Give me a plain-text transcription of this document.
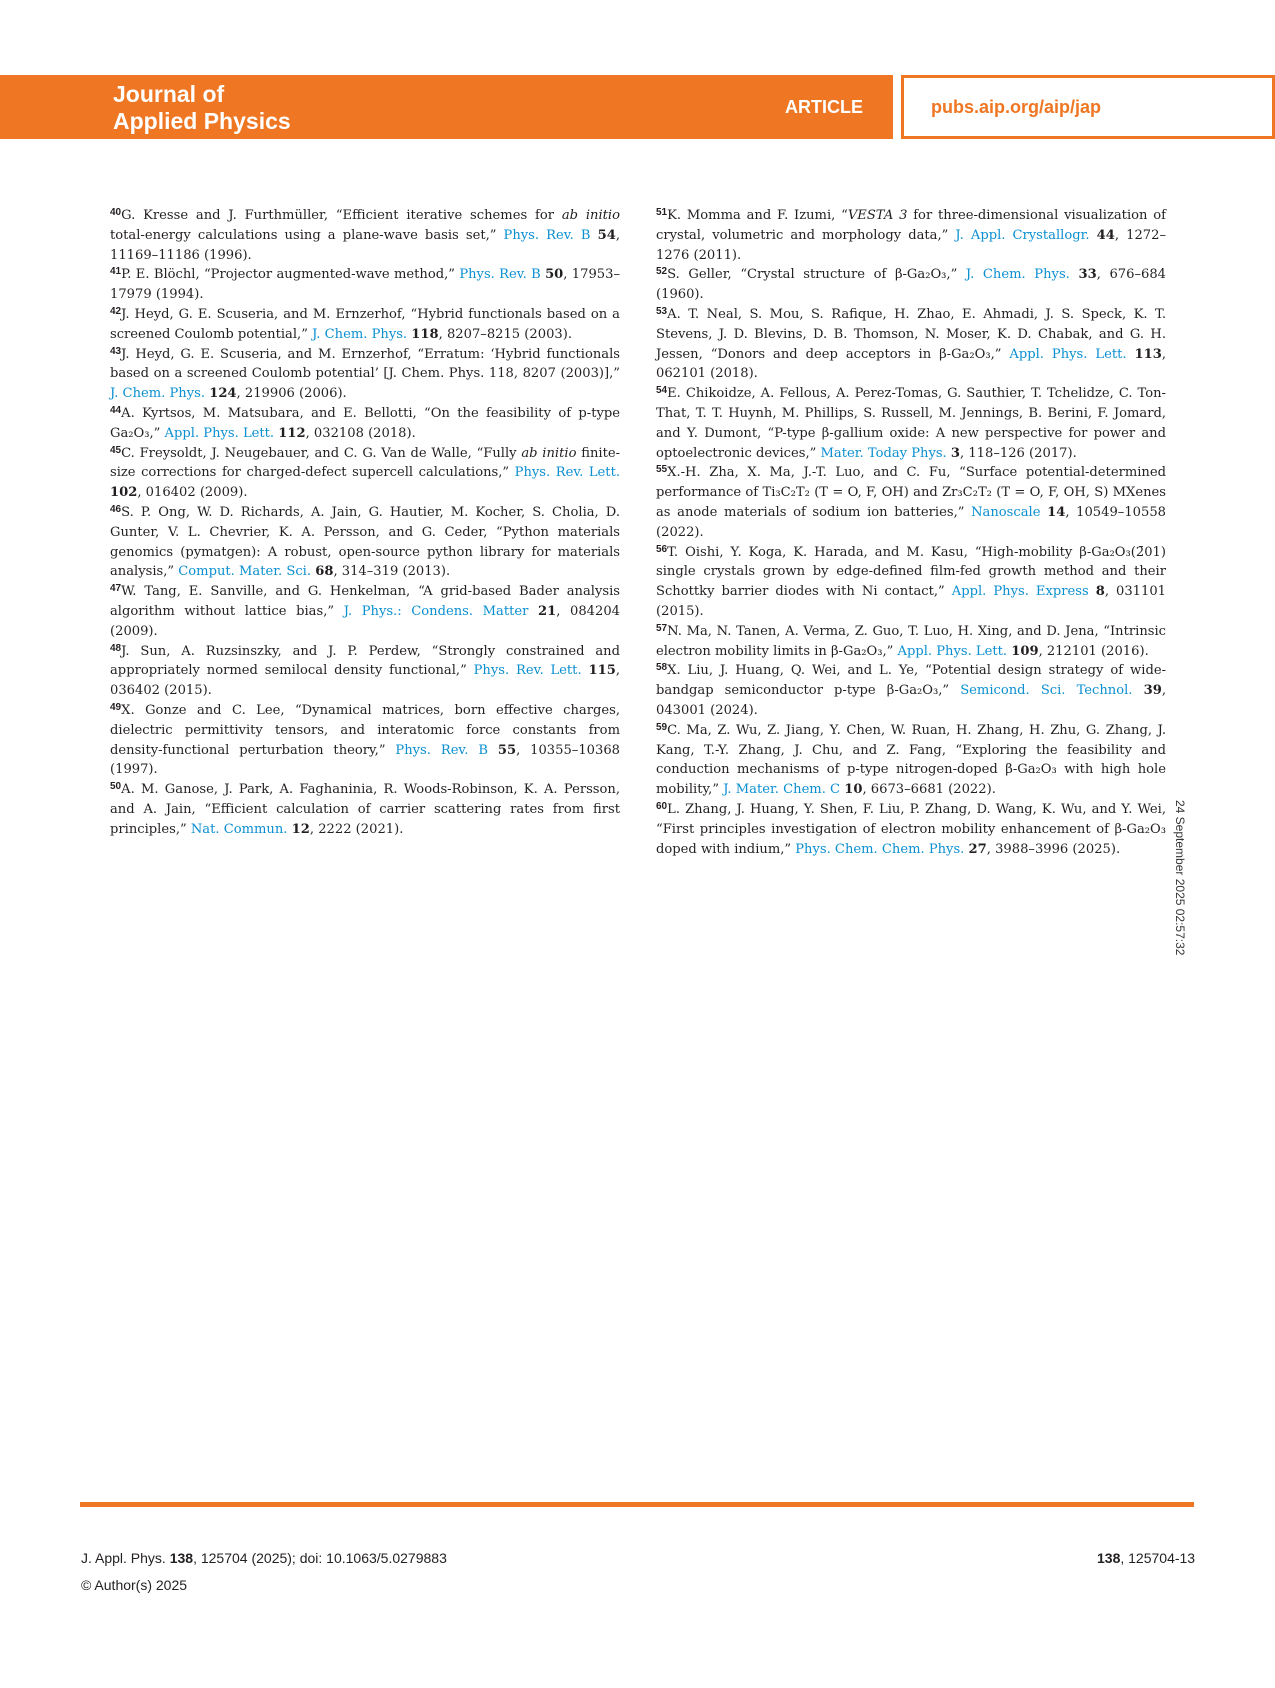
Journal of
Applied Physics
ARTICLE	pubs.aip.org/aip/jap

$^{40}$G. Kresse and J. Furthmüller, “Efficient iterative schemes for ab initio total-energy calculations using a plane-wave basis set,” Phys. Rev. B 54, 11169–11186 (1996).

$^{41}$P. E. Blöchl, “Projector augmented-wave method,” Phys. Rev. B 50, 17953–17979 (1994).

$^{42}$J. Heyd, G. E. Scuseria, and M. Ernzerhof, “Hybrid functionals based on a screened Coulomb potential,” J. Chem. Phys. 118, 8207–8215 (2003).

$^{43}$J. Heyd, G. E. Scuseria, and M. Ernzerhof, “Erratum: ‘Hybrid functionals based on a screened Coulomb potential’ [J. Chem. Phys. 118, 8207 (2003)],” J. Chem. Phys. 124, 219906 (2006).

$^{44}$A. Kyrtsos, M. Matsubara, and E. Bellotti, “On the feasibility of p-type Ga₂O₃,” Appl. Phys. Lett. 112, 032108 (2018).

$^{45}$C. Freysoldt, J. Neugebauer, and C. G. Van de Walle, “Fully ab initio finite-size corrections for charged-defect supercell calculations,” Phys. Rev. Lett. 102, 016402 (2009).

$^{46}$S. P. Ong, W. D. Richards, A. Jain, G. Hautier, M. Kocher, S. Cholia, D. Gunter, V. L. Chevrier, K. A. Persson, and G. Ceder, “Python materials genomics (pymatgen): A robust, open-source python library for materials analysis,” Comput. Mater. Sci. 68, 314–319 (2013).

$^{47}$W. Tang, E. Sanville, and G. Henkelman, “A grid-based Bader analysis algorithm without lattice bias,” J. Phys.: Condens. Matter 21, 084204 (2009).

$^{48}$J. Sun, A. Ruzsinszky, and J. P. Perdew, “Strongly constrained and appropriately normed semilocal density functional,” Phys. Rev. Lett. 115, 036402 (2015).

$^{49}$X. Gonze and C. Lee, “Dynamical matrices, born effective charges, dielectric permittivity tensors, and interatomic force constants from density-functional perturbation theory,” Phys. Rev. B 55, 10355–10368 (1997).

$^{50}$A. M. Ganose, J. Park, A. Faghaninia, R. Woods-Robinson, K. A. Persson, and A. Jain, “Efficient calculation of carrier scattering rates from first principles,” Nat. Commun. 12, 2222 (2021).

$^{51}$K. Momma and F. Izumi, “VESTA 3 for three-dimensional visualization of crystal, volumetric and morphology data,” J. Appl. Crystallogr. 44, 1272–1276 (2011).

$^{52}$S. Geller, “Crystal structure of β-Ga₂O₃,” J. Chem. Phys. 33, 676–684 (1960).

$^{53}$A. T. Neal, S. Mou, S. Rafique, H. Zhao, E. Ahmadi, J. S. Speck, K. T. Stevens, J. D. Blevins, D. B. Thomson, N. Moser, K. D. Chabak, and G. H. Jessen, “Donors and deep acceptors in β-Ga₂O₃,” Appl. Phys. Lett. 113, 062101 (2018).

$^{54}$E. Chikoidze, A. Fellous, A. Perez-Tomas, G. Sauthier, T. Tchelidze, C. Ton-That, T. T. Huynh, M. Phillips, S. Russell, M. Jennings, B. Berini, F. Jomard, and Y. Dumont, “P-type β-gallium oxide: A new perspective for power and optoelectronic devices,” Mater. Today Phys. 3, 118–126 (2017).

$^{55}$X.-H. Zha, X. Ma, J.-T. Luo, and C. Fu, “Surface potential-determined performance of Ti₃C₂T₂ (T = O, F, OH) and Zr₃C₂T₂ (T = O, F, OH, S) MXenes as anode materials of sodium ion batteries,” Nanoscale 14, 10549–10558 (2022).

$^{56}$T. Oishi, Y. Koga, K. Harada, and M. Kasu, “High-mobility β-Ga₂O₃(2̄01) single crystals grown by edge-defined film-fed growth method and their Schottky barrier diodes with Ni contact,” Appl. Phys. Express 8, 031101 (2015).

$^{57}$N. Ma, N. Tanen, A. Verma, Z. Guo, T. Luo, H. Xing, and D. Jena, “Intrinsic electron mobility limits in β-Ga₂O₃,” Appl. Phys. Lett. 109, 212101 (2016).

$^{58}$X. Liu, J. Huang, Q. Wei, and L. Ye, “Potential design strategy of wide-bandgap semiconductor p-type β-Ga₂O₃,” Semicond. Sci. Technol. 39, 043001 (2024).

$^{59}$C. Ma, Z. Wu, Z. Jiang, Y. Chen, W. Ruan, H. Zhang, H. Zhu, G. Zhang, J. Kang, T.-Y. Zhang, J. Chu, and Z. Fang, “Exploring the feasibility and conduction mechanisms of p-type nitrogen-doped β-Ga₂O₃ with high hole mobility,” J. Mater. Chem. C 10, 6673–6681 (2022).

$^{60}$L. Zhang, J. Huang, Y. Shen, F. Liu, P. Zhang, D. Wang, K. Wu, and Y. Wei, “First principles investigation of electron mobility enhancement of β-Ga₂O₃ doped with indium,” Phys. Chem. Chem. Phys. 27, 3988–3996 (2025).	24 September 2025 02:57:32
J. Appl. Phys. 138, 125704 (2025); doi: 10.1063/5.0279883
© Author(s) 2025
138, 125704-13
